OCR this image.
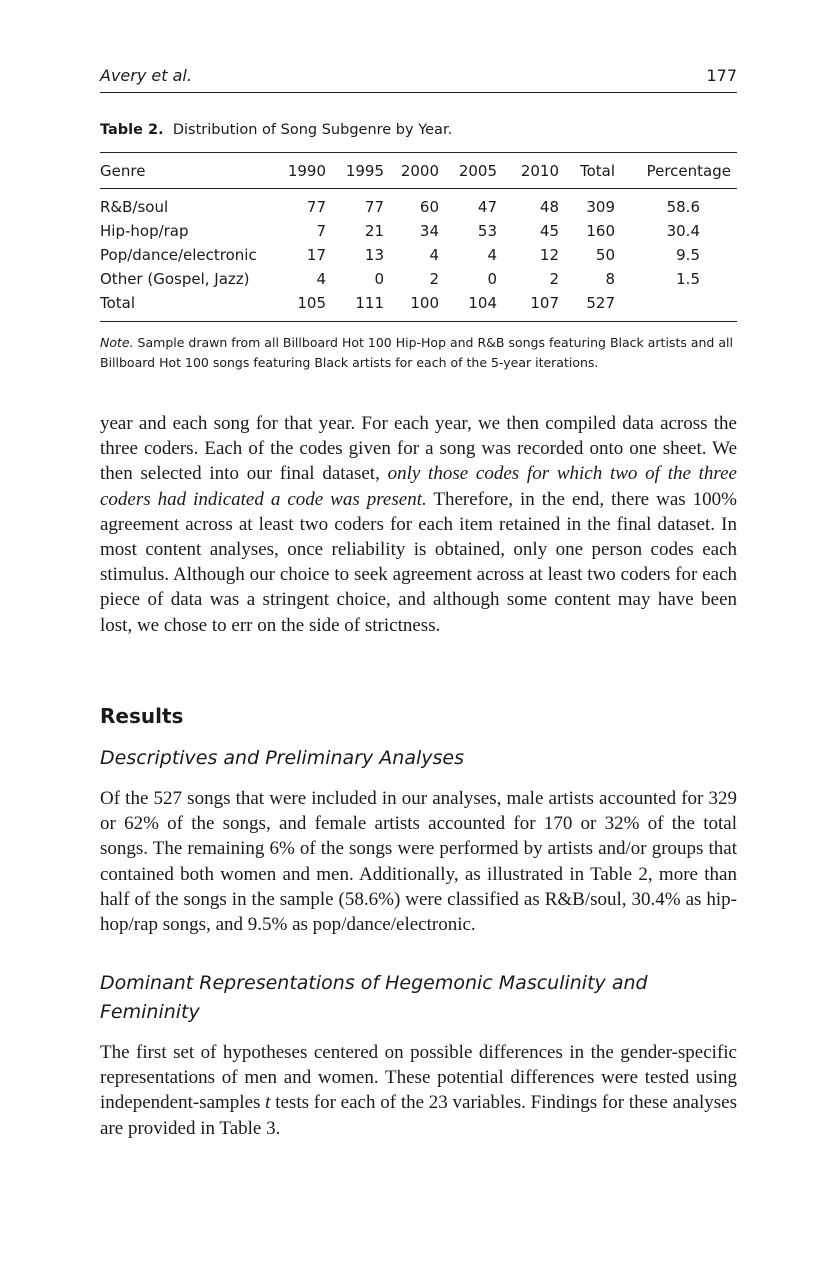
Avery et al.	177
Table 2. Distribution of Song Subgenre by Year.
Genre	1990	1995	2000	2005	2010	Total	Percentage
R&B/soul	77	77	60	47	48	309	58.6
Hip-hop/rap	7	21	34	53	45	160	30.4
Pop/dance/electronic	17	13	4	4	12	50	9.5
Other (Gospel, Jazz)	4	0	2	0	2	8	1.5
Total	105	111	100	104	107	527	

Note. Sample drawn from all Billboard Hot 100 Hip-Hop and R&B songs featuring Black artists and all Billboard Hot 100 songs featuring Black artists for each of the 5-year iterations.

year and each song for that year. For each year, we then compiled data across the three coders. Each of the codes given for a song was recorded onto one sheet. We then selected into our final dataset, only those codes for which two of the three coders had indicated a code was present. Therefore, in the end, there was 100% agreement across at least two coders for each item retained in the final dataset. In most content analyses, once reliability is obtained, only one person codes each stimulus. Although our choice to seek agreement across at least two coders for each piece of data was a stringent choice, and although some content may have been lost, we chose to err on the side of strictness.

Results
Descriptives and Preliminary Analyses

Of the 527 songs that were included in our analyses, male artists accounted for 329 or 62% of the songs, and female artists accounted for 170 or 32% of the total songs. The remaining 6% of the songs were performed by artists and/or groups that contained both women and men. Additionally, as illustrated in Table 2, more than half of the songs in the sample (58.6%) were classified as R&B/soul, 30.4% as hip-hop/rap songs, and 9.5% as pop/dance/electronic.

Dominant Representations of Hegemonic Masculinity and Femininity

The first set of hypotheses centered on possible differences in the gender-specific representations of men and women. These potential differences were tested using independent-samples t tests for each of the 23 variables. Findings for these analyses are provided in Table 3.
